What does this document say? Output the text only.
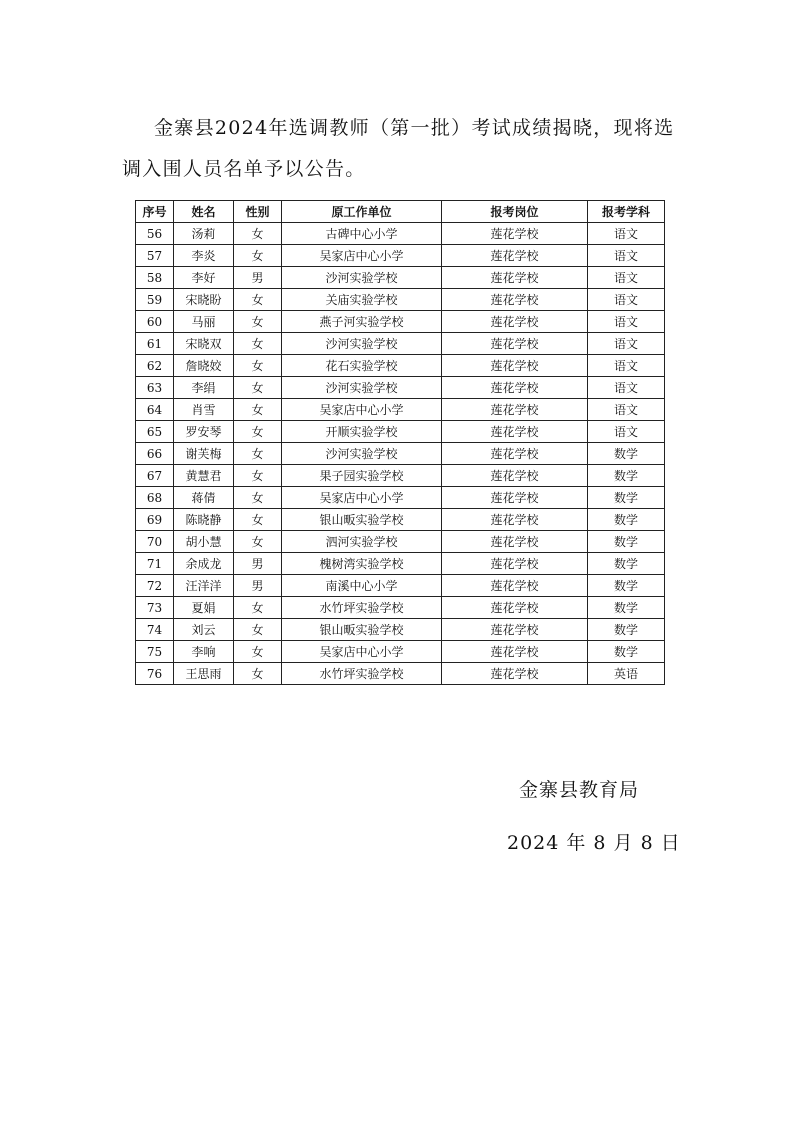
金寨县2024年选调教师（第一批）考试成绩揭晓，现将选调入围人员名单予以公告。

序号	姓名	性别	原工作单位	报考岗位	报考学科
56	汤莉	女	古碑中心小学	莲花学校	语文
57	李炎	女	吴家店中心小学	莲花学校	语文
58	李好	男	沙河实验学校	莲花学校	语文
59	宋晓盼	女	关庙实验学校	莲花学校	语文
60	马丽	女	燕子河实验学校	莲花学校	语文
61	宋晓双	女	沙河实验学校	莲花学校	语文
62	詹晓姣	女	花石实验学校	莲花学校	语文
63	李绢	女	沙河实验学校	莲花学校	语文
64	肖雪	女	吴家店中心小学	莲花学校	语文
65	罗安琴	女	开顺实验学校	莲花学校	语文
66	谢芙梅	女	沙河实验学校	莲花学校	数学
67	黄慧君	女	果子园实验学校	莲花学校	数学
68	蒋倩	女	吴家店中心小学	莲花学校	数学
69	陈晓静	女	银山畈实验学校	莲花学校	数学
70	胡小慧	女	泗河实验学校	莲花学校	数学
71	余成龙	男	槐树湾实验学校	莲花学校	数学
72	汪洋洋	男	南溪中心小学	莲花学校	数学
73	夏娟	女	水竹坪实验学校	莲花学校	数学
74	刘云	女	银山畈实验学校	莲花学校	数学
75	李响	女	吴家店中心小学	莲花学校	数学
76	王思雨	女	水竹坪实验学校	莲花学校	英语
金寨县教育局
2024 年 8 月 8 日
